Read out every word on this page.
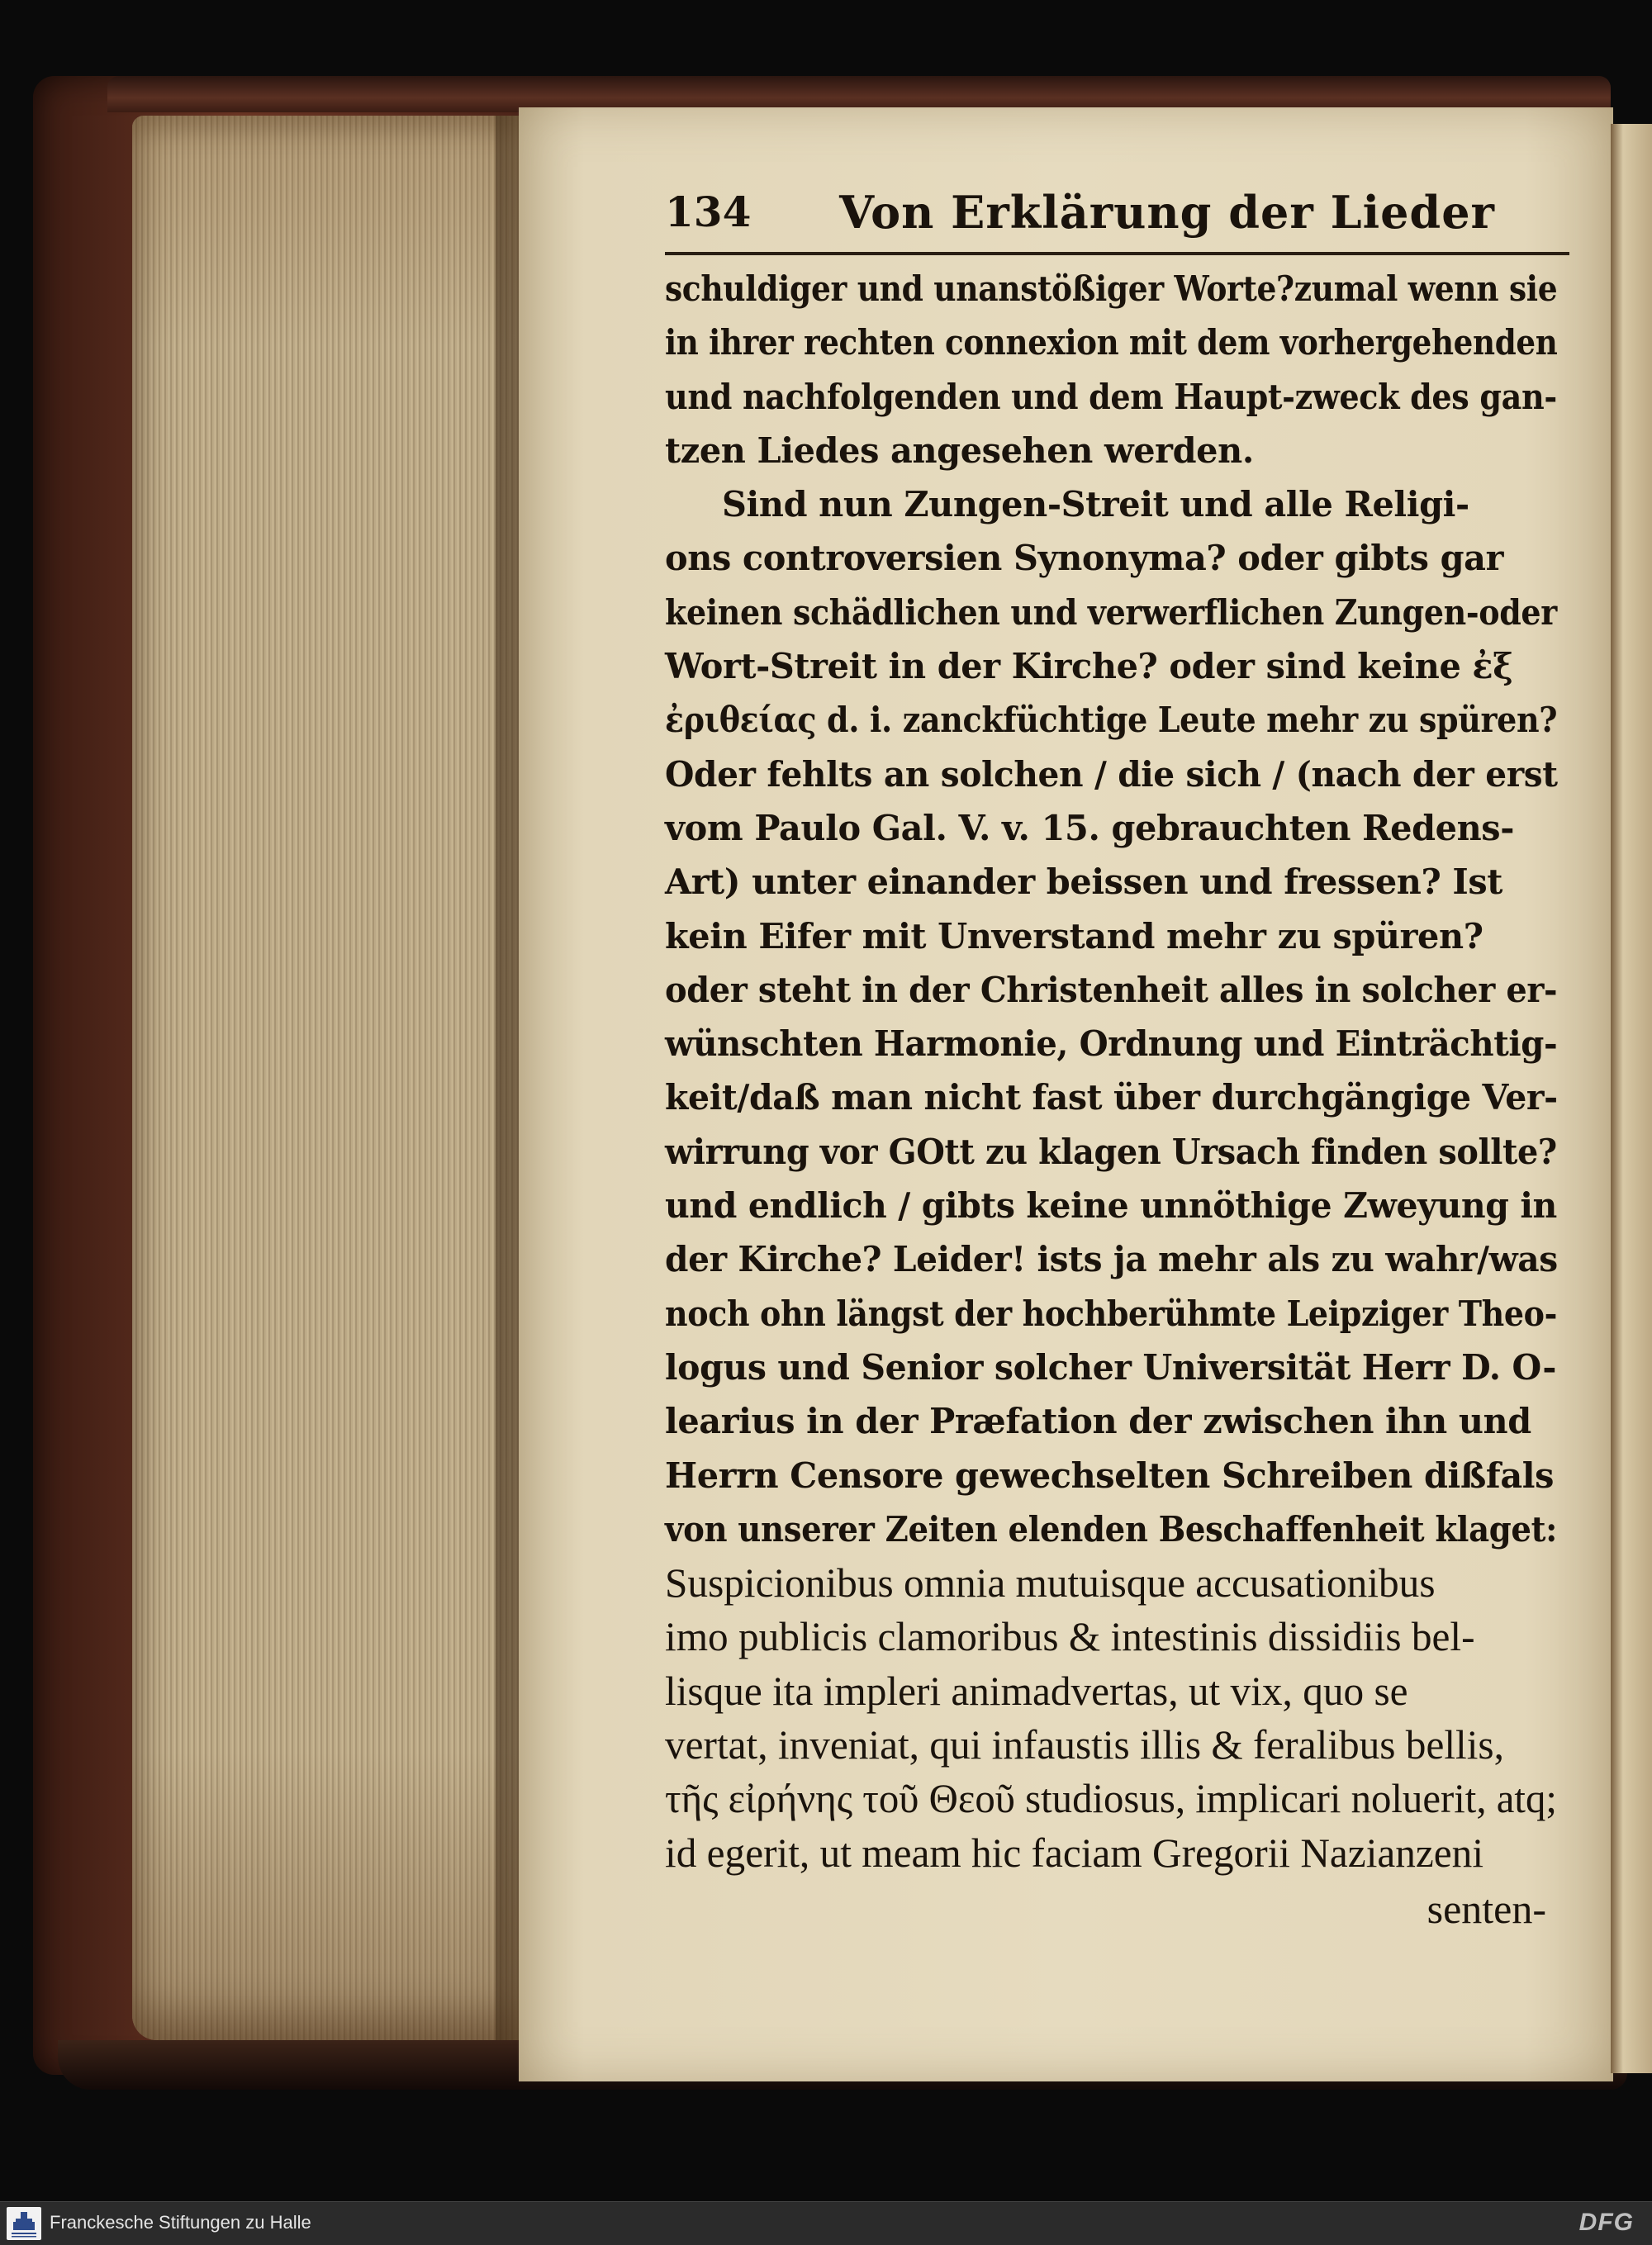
134 Von Erklärung der Lieder
schuldiger und unanstößiger Worte?zumal wenn sie
in ihrer rechten connexion mit dem vorhergehenden
und nachfolgenden und dem Haupt-zweck des gan-
tzen Liedes angesehen werden.
Sind nun Zungen-Streit und alle Religi-
ons controversien Synonyma? oder gibts gar
keinen schädlichen und verwerflichen Zungen-oder
Wort-Streit in der Kirche? oder sind keine ἐξ
ἐριθείας d. i. zanckfüchtige Leute mehr zu spüren?
Oder fehlts an solchen / die sich / (nach der erst
vom Paulo Gal. V. v. 15. gebrauchten Redens-
Art) unter einander beissen und fressen? Ist
kein Eifer mit Unverstand mehr zu spüren?
oder steht in der Christenheit alles in solcher er-
wünschten Harmonie, Ordnung und Einträchtig-
keit/daß man nicht fast über durchgängige Ver-
wirrung vor GOtt zu klagen Ursach finden sollte?
und endlich / gibts keine unnöthige Zweyung in
der Kirche? Leider! ists ja mehr als zu wahr/was
noch ohn längst der hochberühmte Leipziger Theo-
logus und Senior solcher Universität Herr D. O-
learius in der Præfation der zwischen ihn und
Herrn Censore gewechselten Schreiben dißfals
von unserer Zeiten elenden Beschaffenheit klaget:
Suspicionibus omnia mutuisque accusationibus
imo publicis clamoribus & intestinis dissidiis bel-
lisque ita impleri animadvertas, ut vix, quo se
vertat, inveniat, qui infaustis illis & feralibus bellis,
τῆς εἰρήνης τοῦ Θεοῦ studiosus, implicari noluerit, atq;
id egerit, ut meam hic faciam Gregorii Nazianzeni
senten-
Franckesche Stiftungen zu Halle	DFG
